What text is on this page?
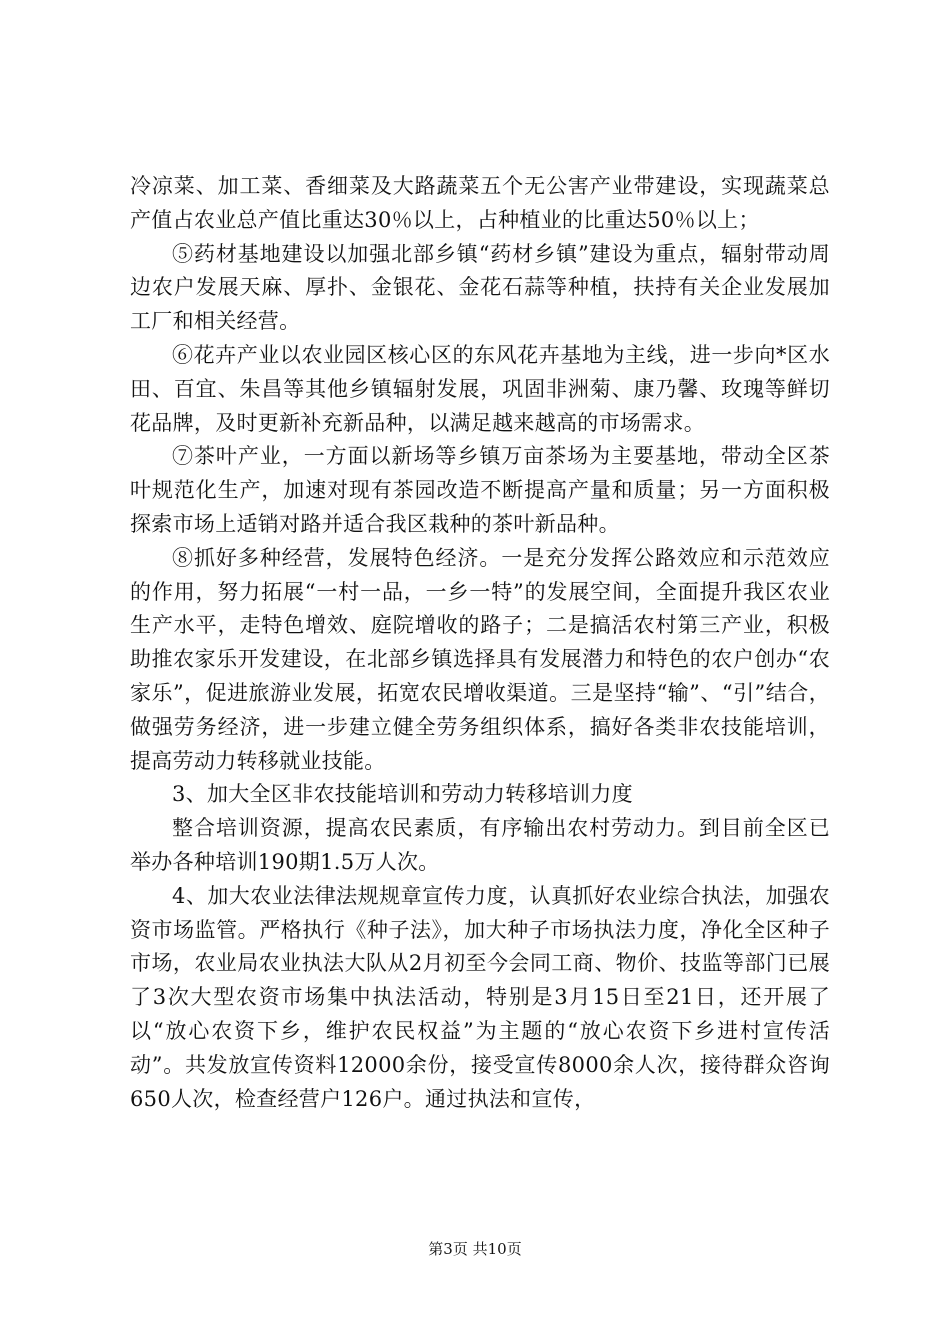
冷凉菜、加工菜、香细菜及大路蔬菜五个无公害产业带建设，实现蔬菜总产值占农业总产值比重达30％以上，占种植业的比重达50％以上；

⑤药材基地建设以加强北部乡镇“药材乡镇”建设为重点，辐射带动周边农户发展天麻、厚扑、金银花、金花石蒜等种植，扶持有关企业发展加工厂和相关经营。

⑥花卉产业以农业园区核心区的东风花卉基地为主线，进一步向*区水田、百宜、朱昌等其他乡镇辐射发展，巩固非洲菊、康乃馨、玫瑰等鲜切花品牌，及时更新补充新品种，以满足越来越高的市场需求。

⑦茶叶产业，一方面以新场等乡镇万亩茶场为主要基地，带动全区茶叶规范化生产，加速对现有茶园改造不断提高产量和质量；另一方面积极探索市场上适销对路并适合我区栽种的茶叶新品种。

⑧抓好多种经营，发展特色经济。一是充分发挥公路效应和示范效应的作用，努力拓展“一村一品，一乡一特”的发展空间，全面提升我区农业生产水平，走特色增效、庭院增收的路子；二是搞活农村第三产业，积极助推农家乐开发建设，在北部乡镇选择具有发展潜力和特色的农户创办“农家乐”，促进旅游业发展，拓宽农民增收渠道。三是坚持“输”、“引”结合，做强劳务经济，进一步建立健全劳务组织体系，搞好各类非农技能培训，提高劳动力转移就业技能。

3、加大全区非农技能培训和劳动力转移培训力度

整合培训资源，提高农民素质，有序输出农村劳动力。到目前全区已举办各种培训190期1.5万人次。

4、加大农业法律法规规章宣传力度，认真抓好农业综合执法，加强农资市场监管。严格执行《种子法》，加大种子市场执法力度，净化全区种子市场，农业局农业执法大队从2月初至今会同工商、物价、技监等部门已展了3次大型农资市场集中执法活动，特别是3月15日至21日，还开展了以“放心农资下乡，维护农民权益”为主题的“放心农资下乡进村宣传活动”。共发放宣传资料12000余份，接受宣传8000余人次，接待群众咨询650人次，检查经营户126户。通过执法和宣传，

第3页 共10页
